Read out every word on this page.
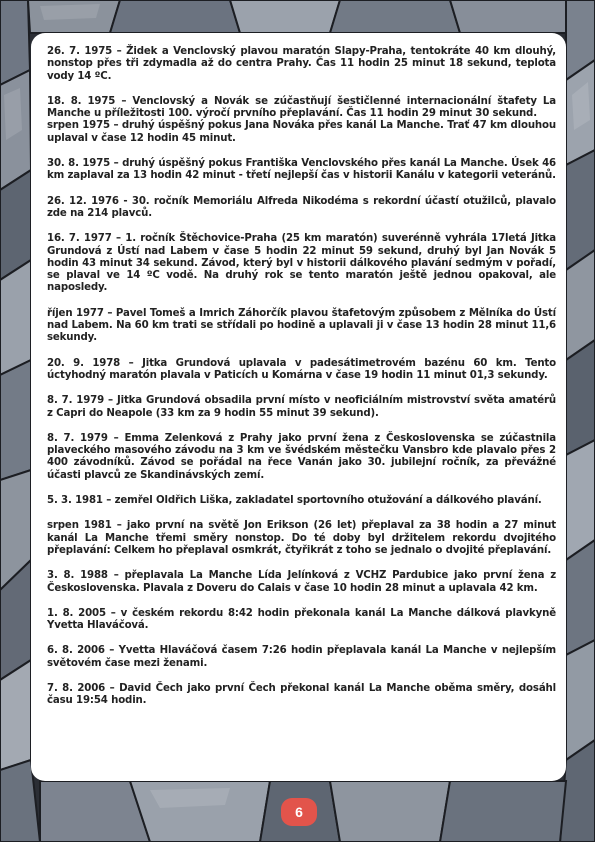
26. 7. 1975 – Židek a Venclovský plavou maratón Slapy-Praha, tentokráte 40 km dlouhý, nonstop přes tři zdymadla až do centra Prahy. Čas 11 hodin 25 minut 18 sekund, teplota vody 14 ºC.

18. 8. 1975 – Venclovský a Novák se zúčastňují šestičlenné internacionální štafety La Manche u příležitosti 100. výročí prvního přeplavání. Čas 11 hodin 29 minut 30 sekund.

srpen 1975 – druhý úspěšný pokus Jana Nováka přes kanál La Manche. Trať 47 km dlouhou uplaval v čase 12 hodin 45 minut.

30. 8. 1975 – druhý úspěšný pokus Františka Venclovského přes kanál La Manche. Úsek 46 km zaplaval za 13 hodin 42 minut - třetí nejlepší čas v historii Kanálu v kategorii veteránů.

26. 12. 1976 - 30. ročník Memoriálu Alfreda Nikodéma s rekordní účastí otužilců, plavalo zde na 214 plavců.

16. 7. 1977 – 1. ročník Štěchovice-Praha (25 km maratón) suverénně vyhrála 17letá Jitka Grundová z Ústí nad Labem v čase 5 hodin 22 minut 59 sekund, druhý byl Jan Novák 5 hodin 43 minut 34 sekund. Závod, který byl v historii dálkového plavání sedmým v pořadí, se plaval ve 14 ºC vodě. Na druhý rok se tento maratón ještě jednou opakoval, ale naposledy.

říjen 1977 – Pavel Tomeš a Imrich Záhorčík plavou štafetovým způsobem z Mělníka do Ústí nad Labem. Na 60 km trati se střídali po hodině a uplavali ji v čase 13 hodin 28 minut 11,6 sekundy.

20. 9. 1978 – Jitka Grundová uplavala v padesátimetrovém bazénu 60 km. Tento úctyhodný maratón plavala v Paticích u Komárna v čase 19 hodin 11 minut 01,3 sekundy.

8. 7. 1979 – Jitka Grundová obsadila první místo v neoficiálním mistrovství světa amatérů z Capri do Neapole (33 km za 9 hodin 55 minut 39 sekund).

8. 7. 1979 – Emma Zelenková z Prahy jako první žena z Československa se zúčastnila plaveckého masového závodu na 3 km ve švédském městečku Vansbro kde plavalo přes 2 400 závodníků. Závod se pořádal na řece Vanán jako 30. jubilejní ročník, za převážné účasti plavců ze Skandinávských zemí.

5. 3. 1981 – zemřel Oldřich Liška, zakladatel sportovního otužování a dálkového plavání.

srpen 1981 – jako první na světě Jon Erikson (26 let) přeplaval za 38 hodin a 27 minut kanál La Manche třemi směry nonstop. Do té doby byl držitelem rekordu dvojitého přeplavání: Celkem ho přeplaval osmkrát, čtyřikrát z toho se jednalo o dvojité přeplavání.

3. 8. 1988 – přeplavala La Manche Lída Jelínková z VCHZ Pardubice jako první žena z Československa. Plavala z Doveru do Calais v čase 10 hodin 28 minut a uplavala 42 km.

1. 8. 2005 – v českém rekordu 8:42 hodin překonala kanál La Manche dálková plavkyně Yvetta Hlaváčová.

6. 8. 2006 – Yvetta Hlaváčová časem 7:26 hodin přeplavala kanál La Manche v nejlepším světovém čase mezi ženami.

7. 8. 2006 – David Čech jako první Čech překonal kanál La Manche oběma směry, dosáhl času 19:54 hodin.

6
